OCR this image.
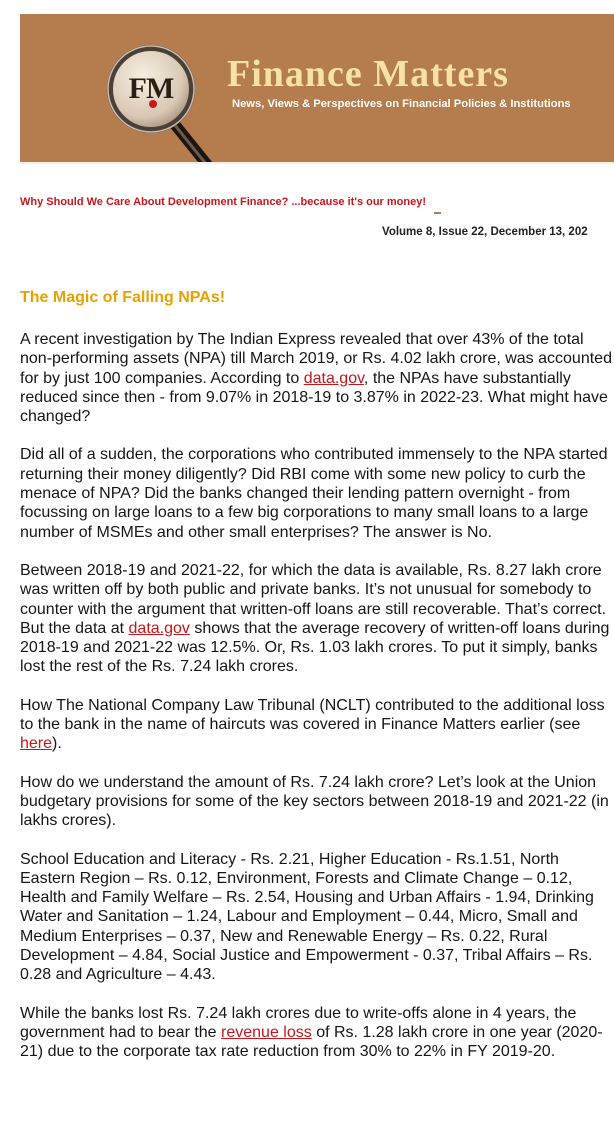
FM	Finance Matters
News, Views & Perspectives on Financial Policies & Institutions
Why Should We Care About Development Finance? ...because it's our money!
Volume 8, Issue 22, December 13, 202
The Magic of Falling NPAs!

A recent investigation by The Indian Express revealed that over 43% of the total non-performing assets (NPA) till March 2019, or Rs. 4.02 lakh crore, was accounted for by just 100 companies. According to data.gov, the NPAs have substantially reduced since then - from 9.07% in 2018-19 to 3.87% in 2022-23. What might have changed?

Did all of a sudden, the corporations who contributed immensely to the NPA started returning their money diligently? Did RBI come with some new policy to curb the menace of NPA? Did the banks changed their lending pattern overnight - from focussing on large loans to a few big corporations to many small loans to a large number of MSMEs and other small enterprises? The answer is No.

Between 2018-19 and 2021-22, for which the data is available, Rs. 8.27 lakh crore was written off by both public and private banks. It’s not unusual for somebody to counter with the argument that written-off loans are still recoverable. That’s correct. But the data at data.gov shows that the average recovery of written-off loans during 2018-19 and 2021-22 was 12.5%. Or, Rs. 1.03 lakh crores. To put it simply, banks lost the rest of the Rs. 7.24 lakh crores.

How The National Company Law Tribunal (NCLT) contributed to the additional loss to the bank in the name of haircuts was covered in Finance Matters earlier (see here).

How do we understand the amount of Rs. 7.24 lakh crore? Let’s look at the Union budgetary provisions for some of the key sectors between 2018-19 and 2021-22 (in lakhs crores).

School Education and Literacy - Rs. 2.21, Higher Education - Rs.1.51, North Eastern Region – Rs. 0.12, Environment, Forests and Climate Change – 0.12, Health and Family Welfare – Rs. 2.54, Housing and Urban Affairs - 1.94, Drinking Water and Sanitation – 1.24, Labour and Employment – 0.44, Micro, Small and Medium Enterprises – 0.37, New and Renewable Energy – Rs. 0.22, Rural Development – 4.84, Social Justice and Empowerment - 0.37, Tribal Affairs – Rs. 0.28 and Agriculture – 4.43.

While the banks lost Rs. 7.24 lakh crores due to write-offs alone in 4 years, the government had to bear the revenue loss of Rs. 1.28 lakh crore in one year (2020-21) due to the corporate tax rate reduction from 30% to 22% in FY 2019-20.
